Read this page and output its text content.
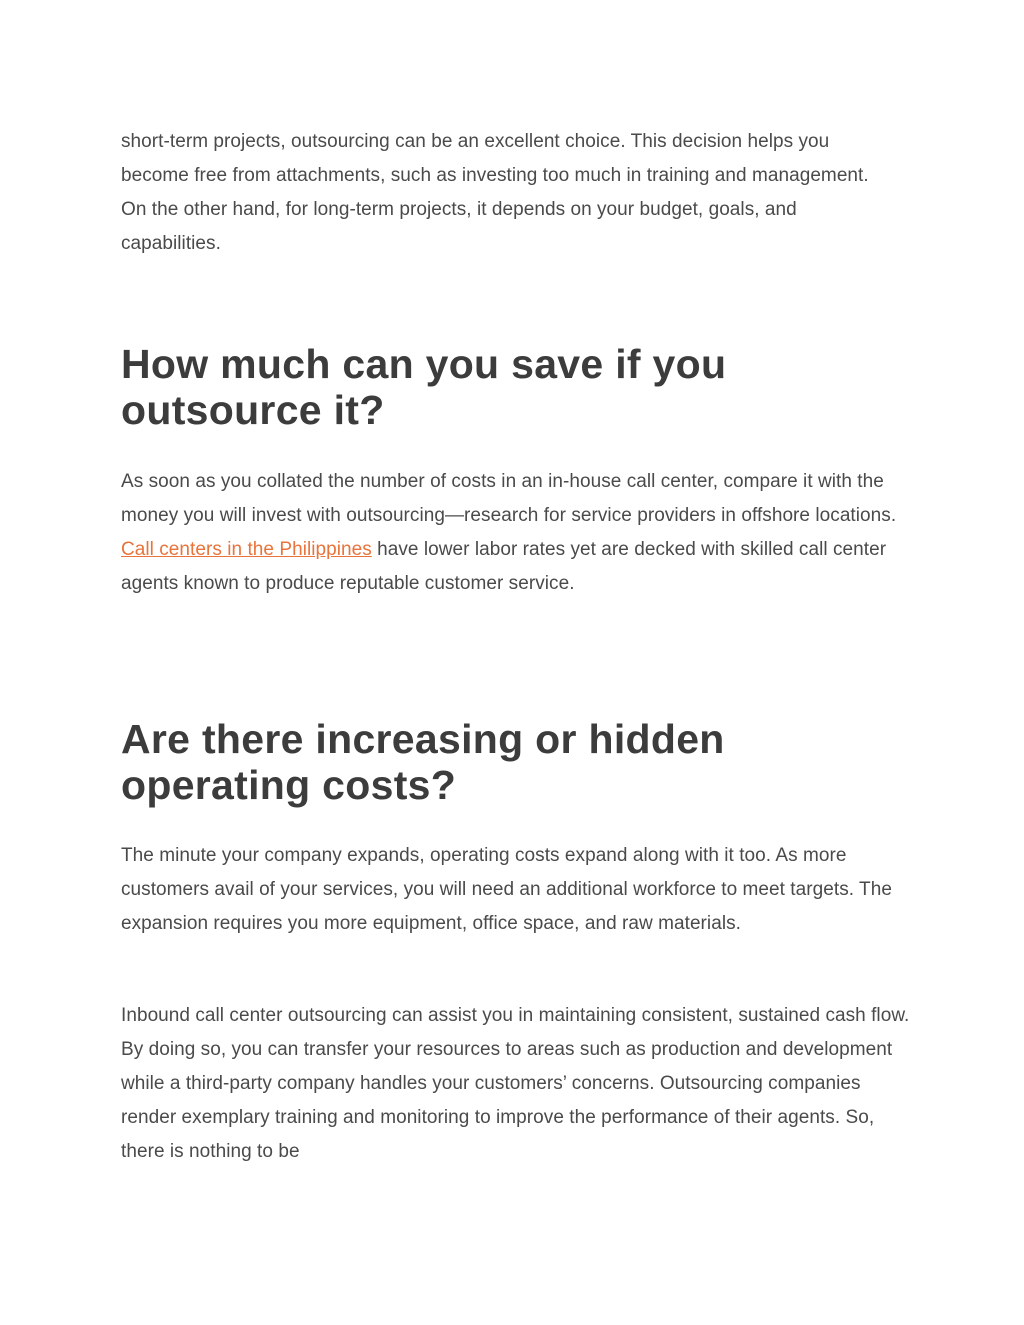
short-term projects, outsourcing can be an excellent choice. This decision helps you become free from attachments, such as investing too much in training and management. On the other hand, for long-term projects, it depends on your budget, goals, and capabilities.

How much can you save if you outsource it?

As soon as you collated the number of costs in an in-house call center, compare it with the money you will invest with outsourcing—research for service providers in offshore locations. Call centers in the Philippines have lower labor rates yet are decked with skilled call center agents known to produce reputable customer service.

Are there increasing or hidden operating costs?

The minute your company expands, operating costs expand along with it too. As more customers avail of your services, you will need an additional workforce to meet targets. The expansion requires you more equipment, office space, and raw materials.

Inbound call center outsourcing can assist you in maintaining consistent, sustained cash flow. By doing so, you can transfer your resources to areas such as production and development while a third-party company handles your customers’ concerns. Outsourcing companies render exemplary training and monitoring to improve the performance of their agents. So, there is nothing to be
